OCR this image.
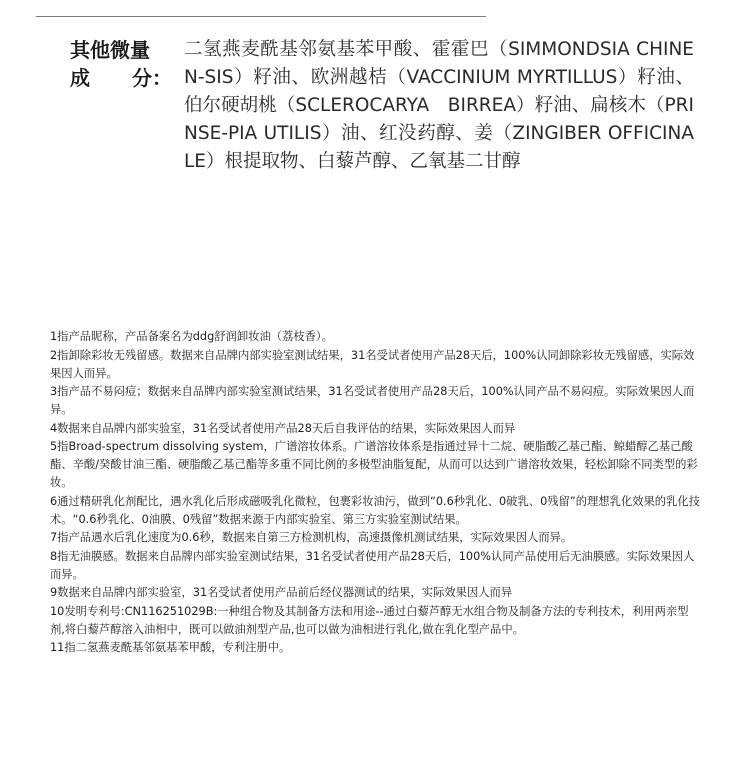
其他微量
成 分：
二氢燕麦酰基邻氨基苯甲酸、霍霍巴（SIMMONDSIA CHINEN-SIS）籽油、欧洲越桔（VACCINIUM MYRTILLUS）籽油、伯尔硬胡桃（SCLEROCARYA　BIRREA）籽油、扁核木（PRINSE-PIA UTILIS）油、红没药醇、姜（ZINGIBER OFFICINALE）根提取物、白藜芦醇、乙氧基二甘醇

1指产品昵称，产品备案名为ddg舒润卸妆油（荔枝香）。

2指卸除彩妆无残留感。数据来自品牌内部实验室测试结果，31名受试者使用产品28天后，100%认同卸除彩妆无残留感，实际效果因人而异。

3指产品不易闷痘；数据来自品牌内部实验室测试结果，31名受试者使用产品28天后，100%认同产品不易闷痘。实际效果因人而异。

4数据来自品牌内部实验室，31名受试者使用产品28天后自我评估的结果，实际效果因人而异

5指Broad-spectrum dissolving system，广谱溶妆体系。广谱溶妆体系是指通过异十二烷、硬脂酸乙基己酯、鲸蜡醇乙基己酸酯、辛酸/癸酸甘油三酯、硬脂酸乙基己酯等多重不同比例的多极型油脂复配，从而可以达到广谱溶妆效果，轻松卸除不同类型的彩妆。

6通过精研乳化剂配比，遇水乳化后形成磁吸乳化微粒，包裹彩妆油污，做到“0.6秒乳化、0破乳、0残留”的理想乳化效果的乳化技术。“0.6秒乳化、0油膜、0残留”数据来源于内部实验室、第三方实验室测试结果。

7指产品遇水后乳化速度为0.6秒，数据来自第三方检测机构，高速摄像机测试结果，实际效果因人而异。

8指无油膜感。数据来自品牌内部实验室测试结果，31名受试者使用产品28天后，100%认同产品使用后无油膜感。实际效果因人而异。

9数据来自品牌内部实验室，31名受试者使用产品前后经仪器测试的结果，实际效果因人而异

10发明专利号:CN116251029B:一种组合物及其制备方法和用途--通过白藜芦醇无水组合物及制备方法的专利技术，利用两亲型剂,将白藜芦醇溶入油相中，既可以做油剂型产品,也可以做为油相进行乳化,做在乳化型产品中。

11指二氢燕麦酰基邻氨基苯甲酸，专利注册中。
